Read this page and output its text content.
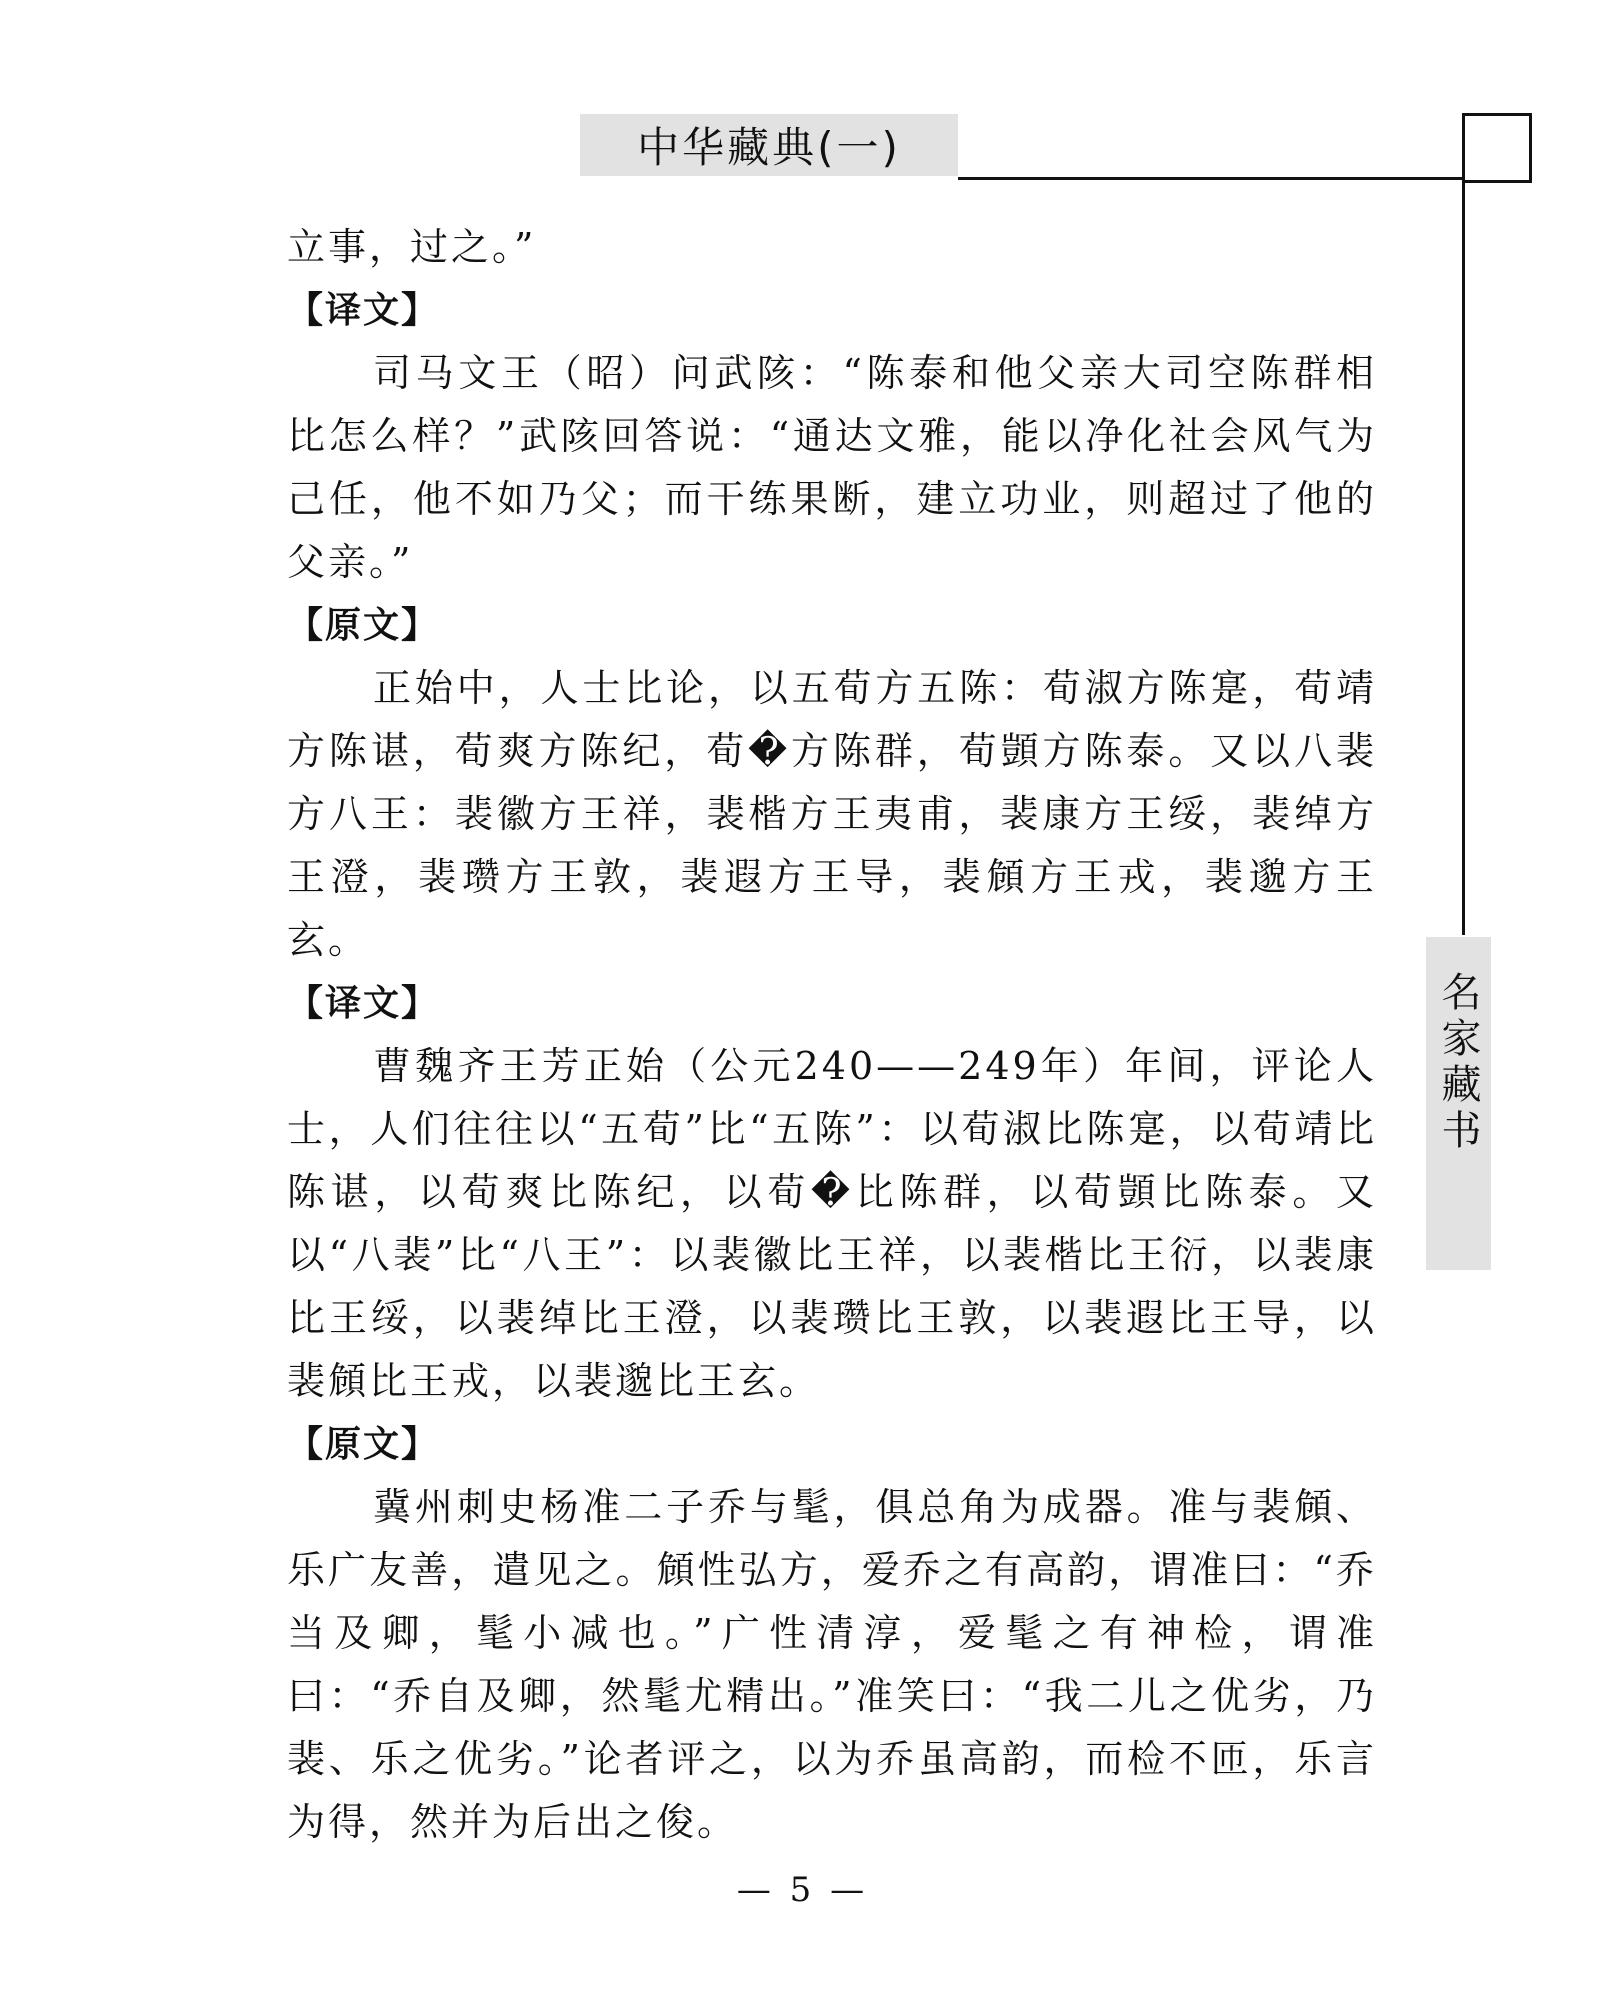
中华藏典(一)
名家藏书

立事，过之。”

【译文】

司马文王（昭）问武陔：“陈泰和他父亲大司空陈群相比怎么样？”武陔回答说：“通达文雅，能以净化社会风气为己任，他不如乃父；而干练果断，建立功业，则超过了他的父亲。”

【原文】

正始中，人士比论，以五荀方五陈：荀淑方陈寔，荀靖方陈谌，荀爽方陈纪，荀�方陈群，荀顗方陈泰。又以八裴方八王：裴徽方王祥，裴楷方王夷甫，裴康方王绥，裴绰方王澄，裴瓒方王敦，裴遐方王导，裴頠方王戎，裴邈方王玄。

【译文】

曹魏齐王芳正始（公元240——249年）年间，评论人士，人们往往以“五荀”比“五陈”：以荀淑比陈寔，以荀靖比陈谌，以荀爽比陈纪，以荀�比陈群，以荀顗比陈泰。又以“八裴”比“八王”：以裴徽比王祥，以裴楷比王衍，以裴康比王绥，以裴绰比王澄，以裴瓒比王敦，以裴遐比王导，以裴頠比王戎，以裴邈比王玄。

【原文】

冀州刺史杨准二子乔与髦，俱总角为成器。准与裴頠、乐广友善，遣见之。頠性弘方，爱乔之有高韵，谓准曰：“乔当及卿，髦小减也。”广性清淳，爱髦之有神检，谓准曰：“乔自及卿，然髦尤精出。”准笑曰：“我二儿之优劣，乃裴、乐之优劣。”论者评之，以为乔虽高韵，而检不匝，乐言为得，然并为后出之俊。

— 5 —
